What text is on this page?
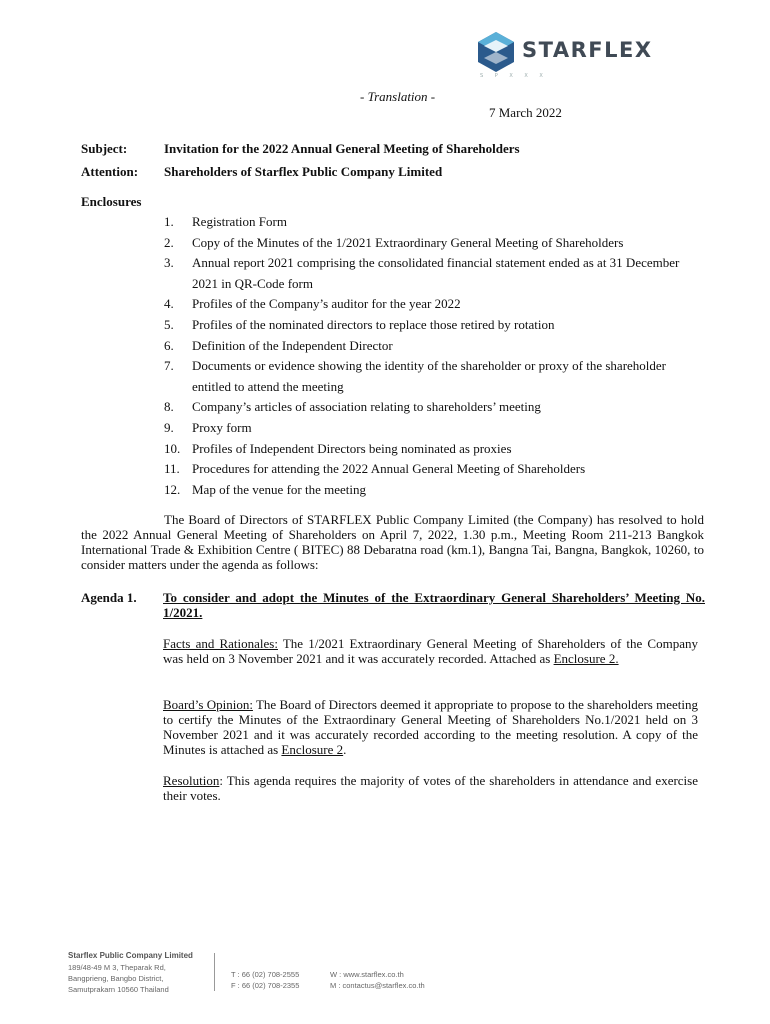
STARFLEX
S P X X X
- Translation -
7 March 2022
Subject:	Invitation for the 2022 Annual General Meeting of Shareholders
Attention: Shareholders of Starflex Public Company Limited
Enclosures
1.	Registration Form
2.	Copy of the Minutes of the 1/2021 Extraordinary General Meeting of Shareholders
3.	Annual report 2021 comprising the consolidated financial statement ended as at 31 December 2021 in QR-Code form
4.	Profiles of the Company’s auditor for the year 2022
5.	Profiles of the nominated directors to replace those retired by rotation
6.	Definition of the Independent Director
7.	Documents or evidence showing the identity of the shareholder or proxy of the shareholder entitled to attend the meeting
8.	Company’s articles of association relating to shareholders’ meeting
9.	Proxy form
10. Profiles of Independent Directors being nominated as proxies
11. Procedures for attending the 2022 Annual General Meeting of Shareholders
12. Map of the venue for the meeting
The Board of Directors of STARFLEX Public Company Limited (the Company) has resolved to hold the 2022 Annual General Meeting of Shareholders on April 7, 2022, 1.30 p.m., Meeting Room 211-213 Bangkok International Trade & Exhibition Centre ( BITEC) 88 Debaratna road (km.1), Bangna Tai, Bangna, Bangkok, 10260, to consider matters under the agenda as follows:
Agenda 1. To consider and adopt the Minutes of the Extraordinary General Shareholders’ Meeting No. 1/2021.
Facts and Rationales: The 1/2021 Extraordinary General Meeting of Shareholders of the Company was held on 3 November 2021 and it was accurately recorded. Attached as Enclosure 2.
Board’s Opinion: The Board of Directors deemed it appropriate to propose to the shareholders meeting to certify the Minutes of the Extraordinary General Meeting of Shareholders No.1/2021 held on 3 November 2021 and it was accurately recorded according to the meeting resolution. A copy of the Minutes is attached as Enclosure 2.
Resolution: This agenda requires the majority of votes of the shareholders in attendance and exercise their votes.
Starflex Public Company Limited
189/48-49 M 3, Theparak Rd,
Bangprieng, Bangbo District,
Samutprakarn 10560 Thailand
T : 66 (02) 708-2555
F : 66 (02) 708-2355
W : www.starflex.co.th
M : contactus@starflex.co.th
